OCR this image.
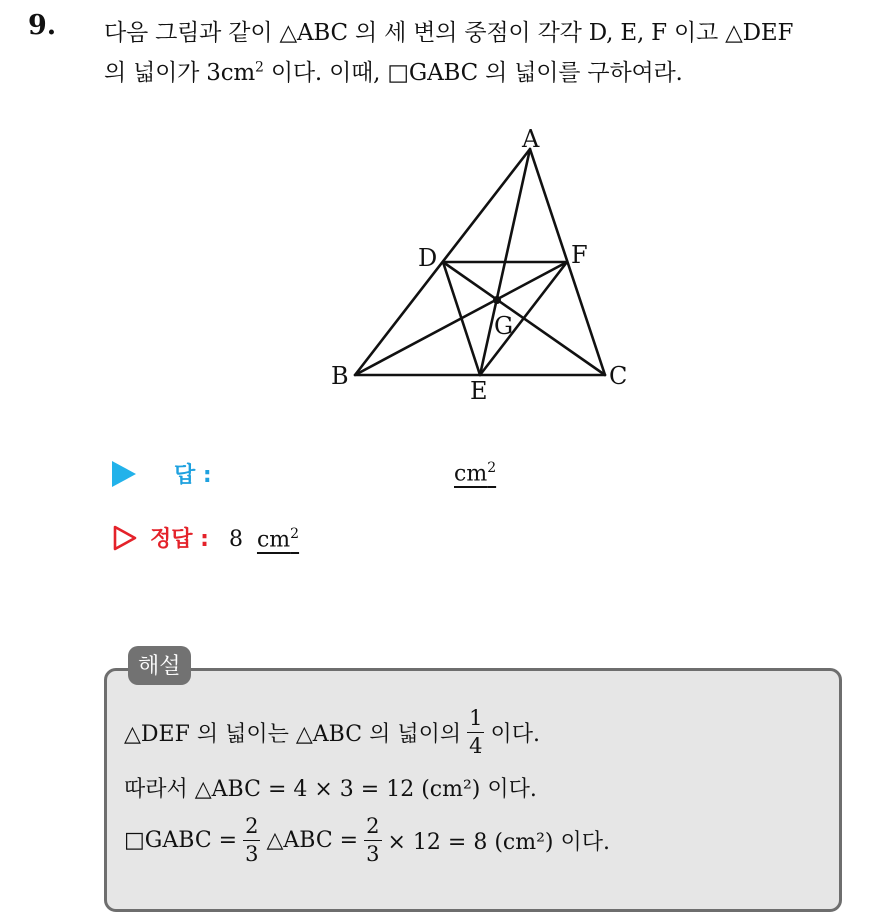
9. 다음 그림과 같이 △ABC 의 세 변의 중점이 각각 D, E, F 이고 △DEF
의 넓이가 $3cm^2$ 이다. 이때, □GABC 의 넓이를 구하여라.
A
B	C
D
E
F
G
답 :	$cm^2$
정답 : 8 $cm^2$
해설
△DEF 의 넓이는 △ABC 의 넓이의 $\frac{1}{4}$ 이다.
따라서 △ABC = 4 × 3 = 12 (cm²) 이다.
□GABC = $\frac{2}{3}$ △ABC = $\frac{2}{3} \times 12 = 8$ (cm²) 이다.
